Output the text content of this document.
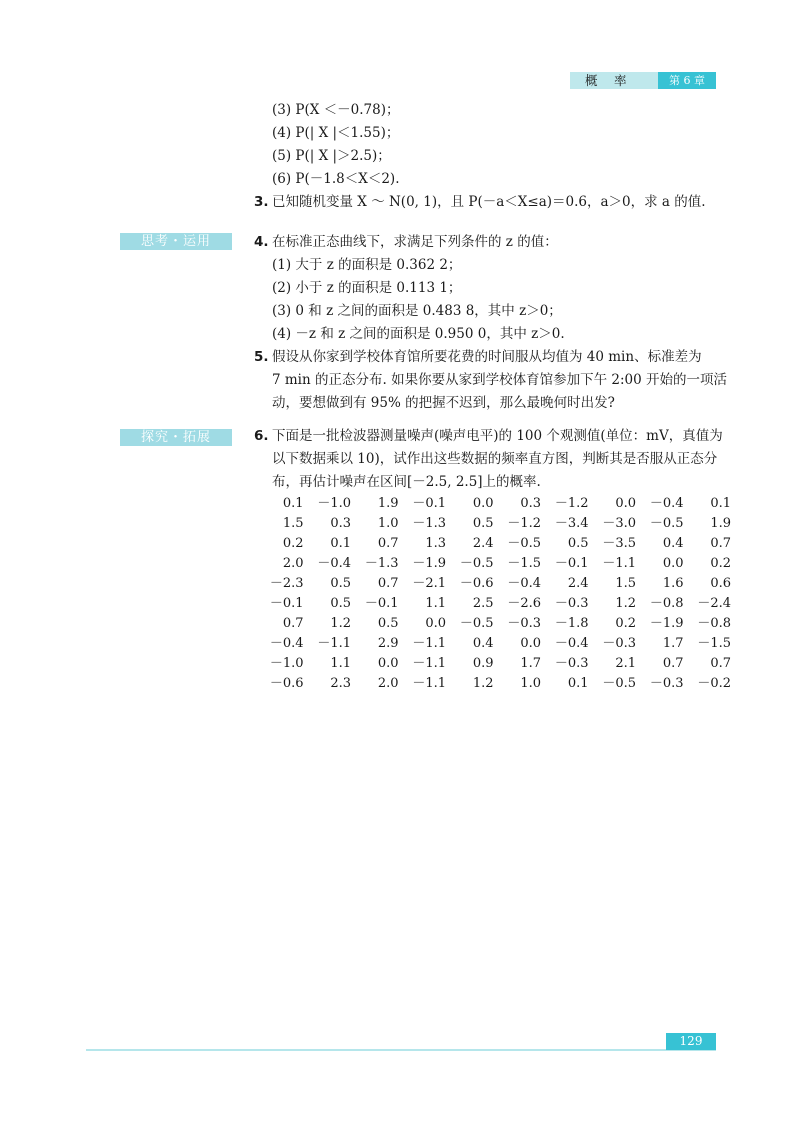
概　率	第 6 章
(3) P(X ＜－0.78)；
(4) P(| X |＜1.55)；
(5) P(| X |＞2.5)；
(6) P(－1.8＜X＜2).
3. 已知随机变量 X ～ N(0, 1)，且 P(－a＜X≤a)＝0.6，a＞0，求 a 的值.
思考・运用	4. 在标准正态曲线下，求满足下列条件的 z 的值：
(1) 大于 z 的面积是 0.362 2；
(2) 小于 z 的面积是 0.113 1；
(3) 0 和 z 之间的面积是 0.483 8，其中 z＞0；
(4) －z 和 z 之间的面积是 0.950 0，其中 z＞0.
5. 假设从你家到学校体育馆所要花费的时间服从均值为 40 min、标准差为
7 min 的正态分布. 如果你要从家到学校体育馆参加下午 2:00 开始的一项活
动，要想做到有 95% 的把握不迟到，那么最晚何时出发?
探究・拓展	6. 下面是一批检波器测量噪声(噪声电平)的 100 个观测值(单位：mV，真值为
以下数据乘以 10)，试作出这些数据的频率直方图，判断其是否服从正态分
布，再估计噪声在区间[－2.5, 2.5]上的概率.
0.1	－1.0	1.9	－0.1	0.0	0.3	－1.2	0.0	－0.4	0.1
1.5	0.3	1.0	－1.3	0.5	－1.2	－3.4	－3.0	－0.5	1.9
0.2	0.1	0.7	1.3	2.4	－0.5	0.5	－3.5	0.4	0.7
2.0	－0.4	－1.3	－1.9	－0.5	－1.5	－0.1	－1.1	0.0	0.2
－2.3	0.5	0.7	－2.1	－0.6	－0.4	2.4	1.5	1.6	0.6
－0.1	0.5	－0.1	1.1	2.5	－2.6	－0.3	1.2	－0.8	－2.4
0.7	1.2	0.5	0.0	－0.5	－0.3	－1.8	0.2	－1.9	－0.8
－0.4	－1.1	2.9	－1.1	0.4	0.0	－0.4	－0.3	1.7	－1.5
－1.0	1.1	0.0	－1.1	0.9	1.7	－0.3	2.1	0.7	0.7
－0.6	2.3	2.0	－1.1	1.2	1.0	0.1	－0.5	－0.3	－0.2
129
